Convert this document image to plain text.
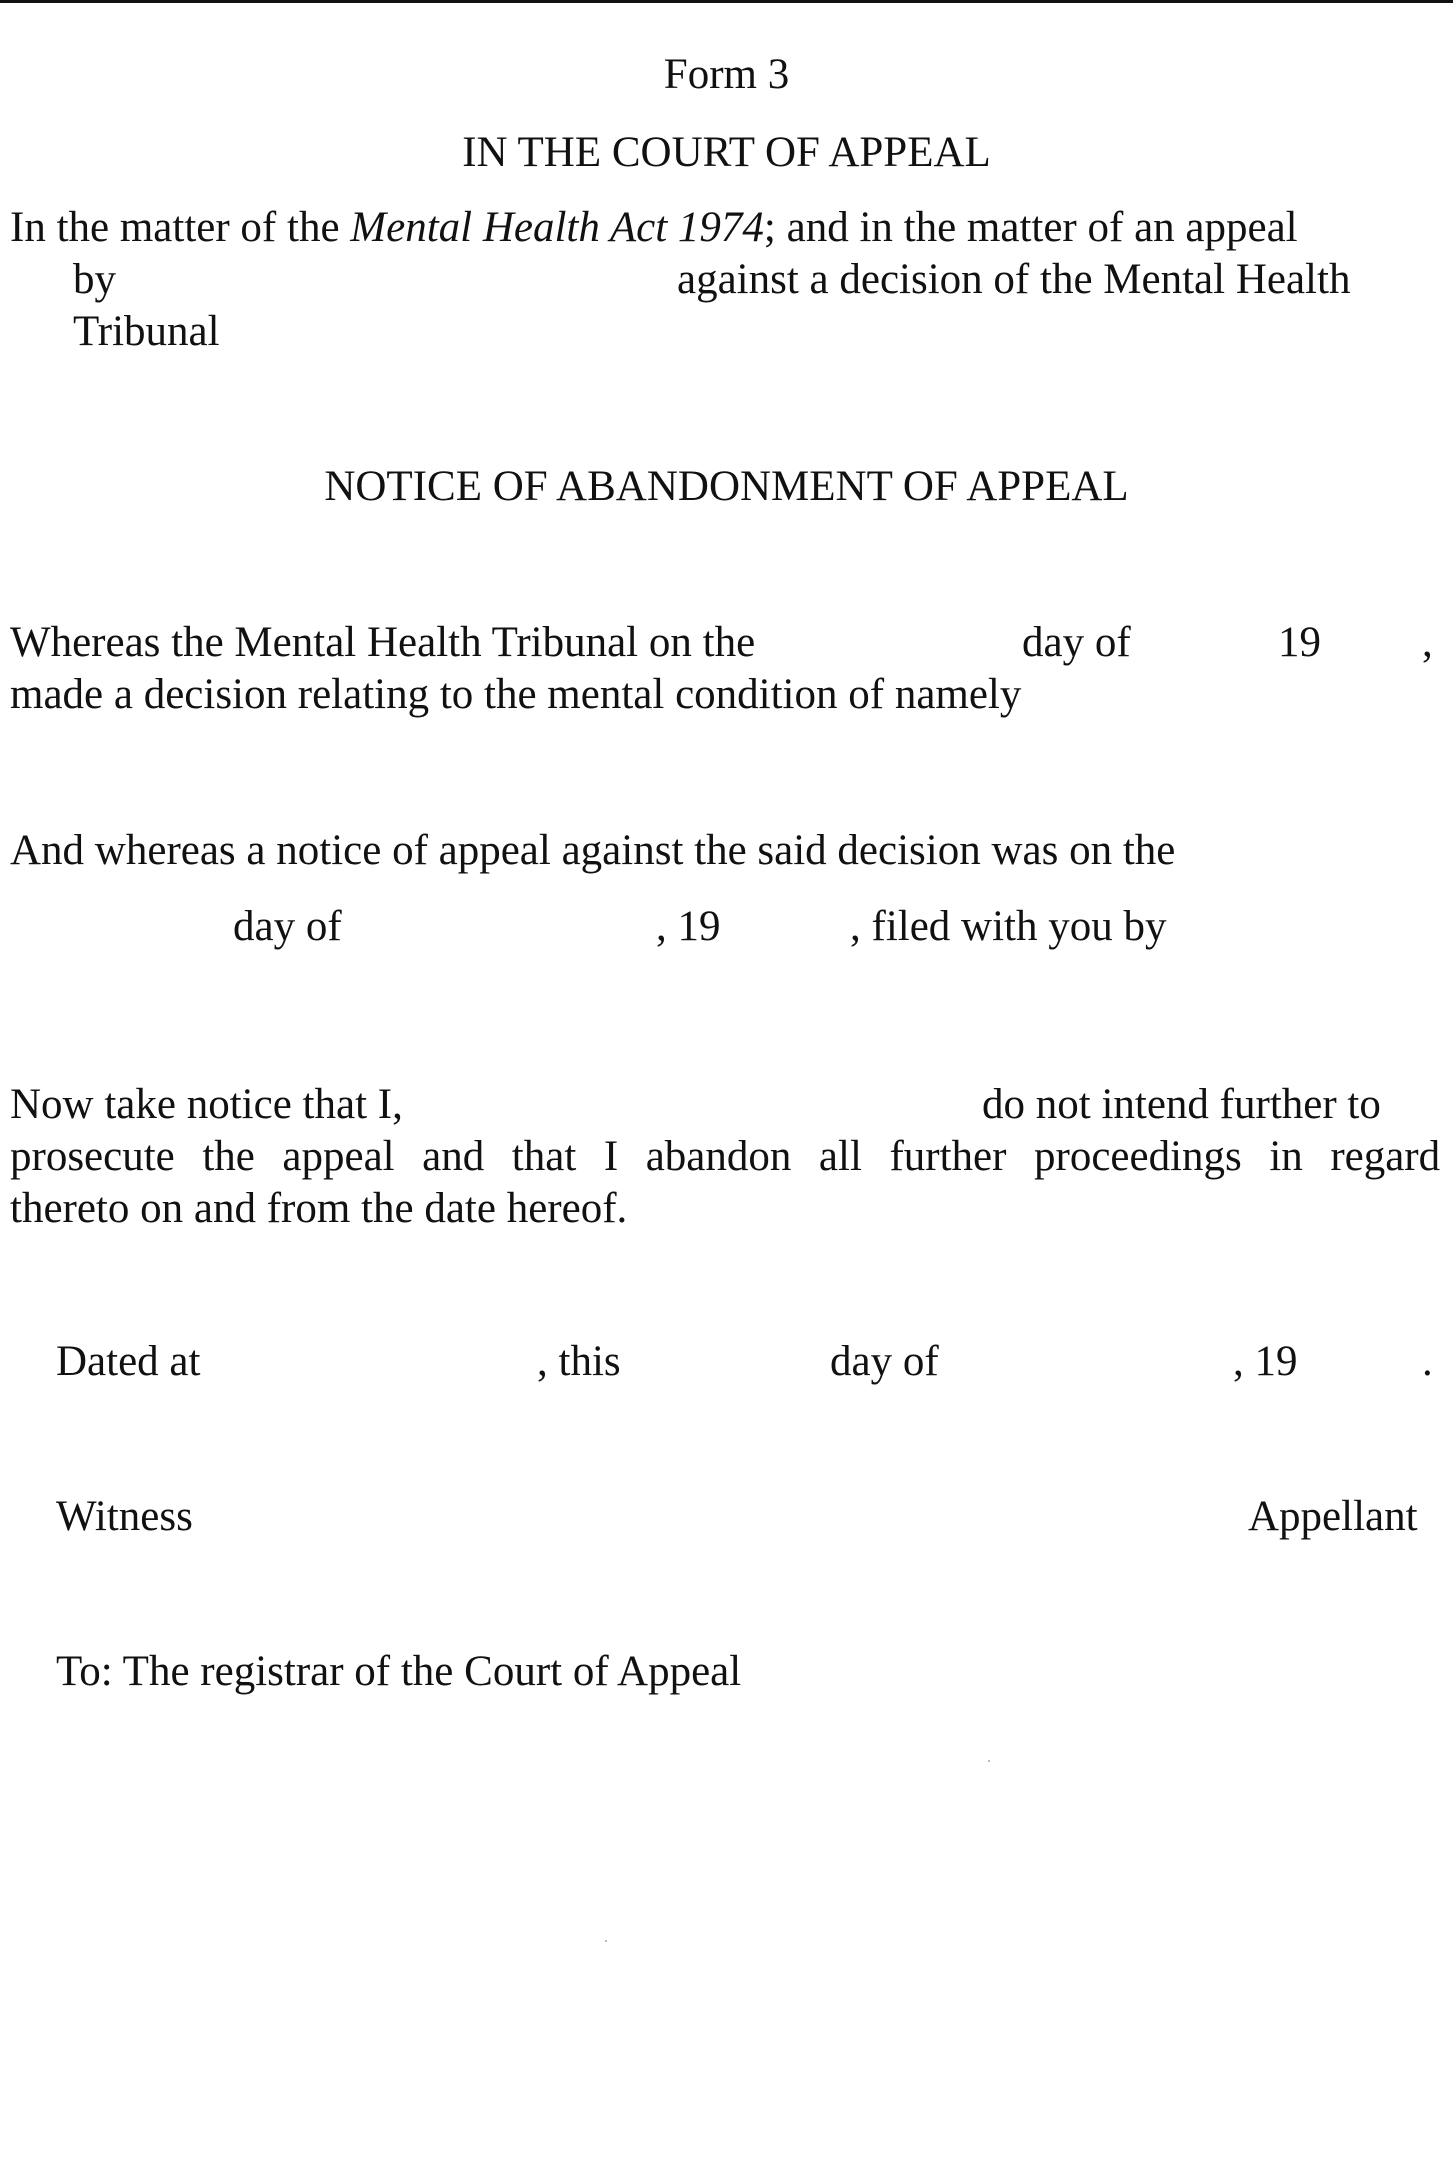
Form 3
IN THE COURT OF APPEAL
In the matter of the Mental Health Act 1974; and in the matter of an appeal
by	against a decision of the Mental Health
Tribunal
NOTICE OF ABANDONMENT OF APPEAL
Whereas the Mental Health Tribunal on the	day of	19 ,
made a decision relating to the mental condition of namely
And whereas a notice of appeal against the said decision was on the
day of	, 19	, filed with you by
Now take notice that I,	do not intend further to
prosecute the appeal and that I abandon all further proceedings in regard
thereto on and from the date hereof.
Dated at	, this	day of	, 19	.
Witness	Appellant
To: The registrar of the Court of Appeal
